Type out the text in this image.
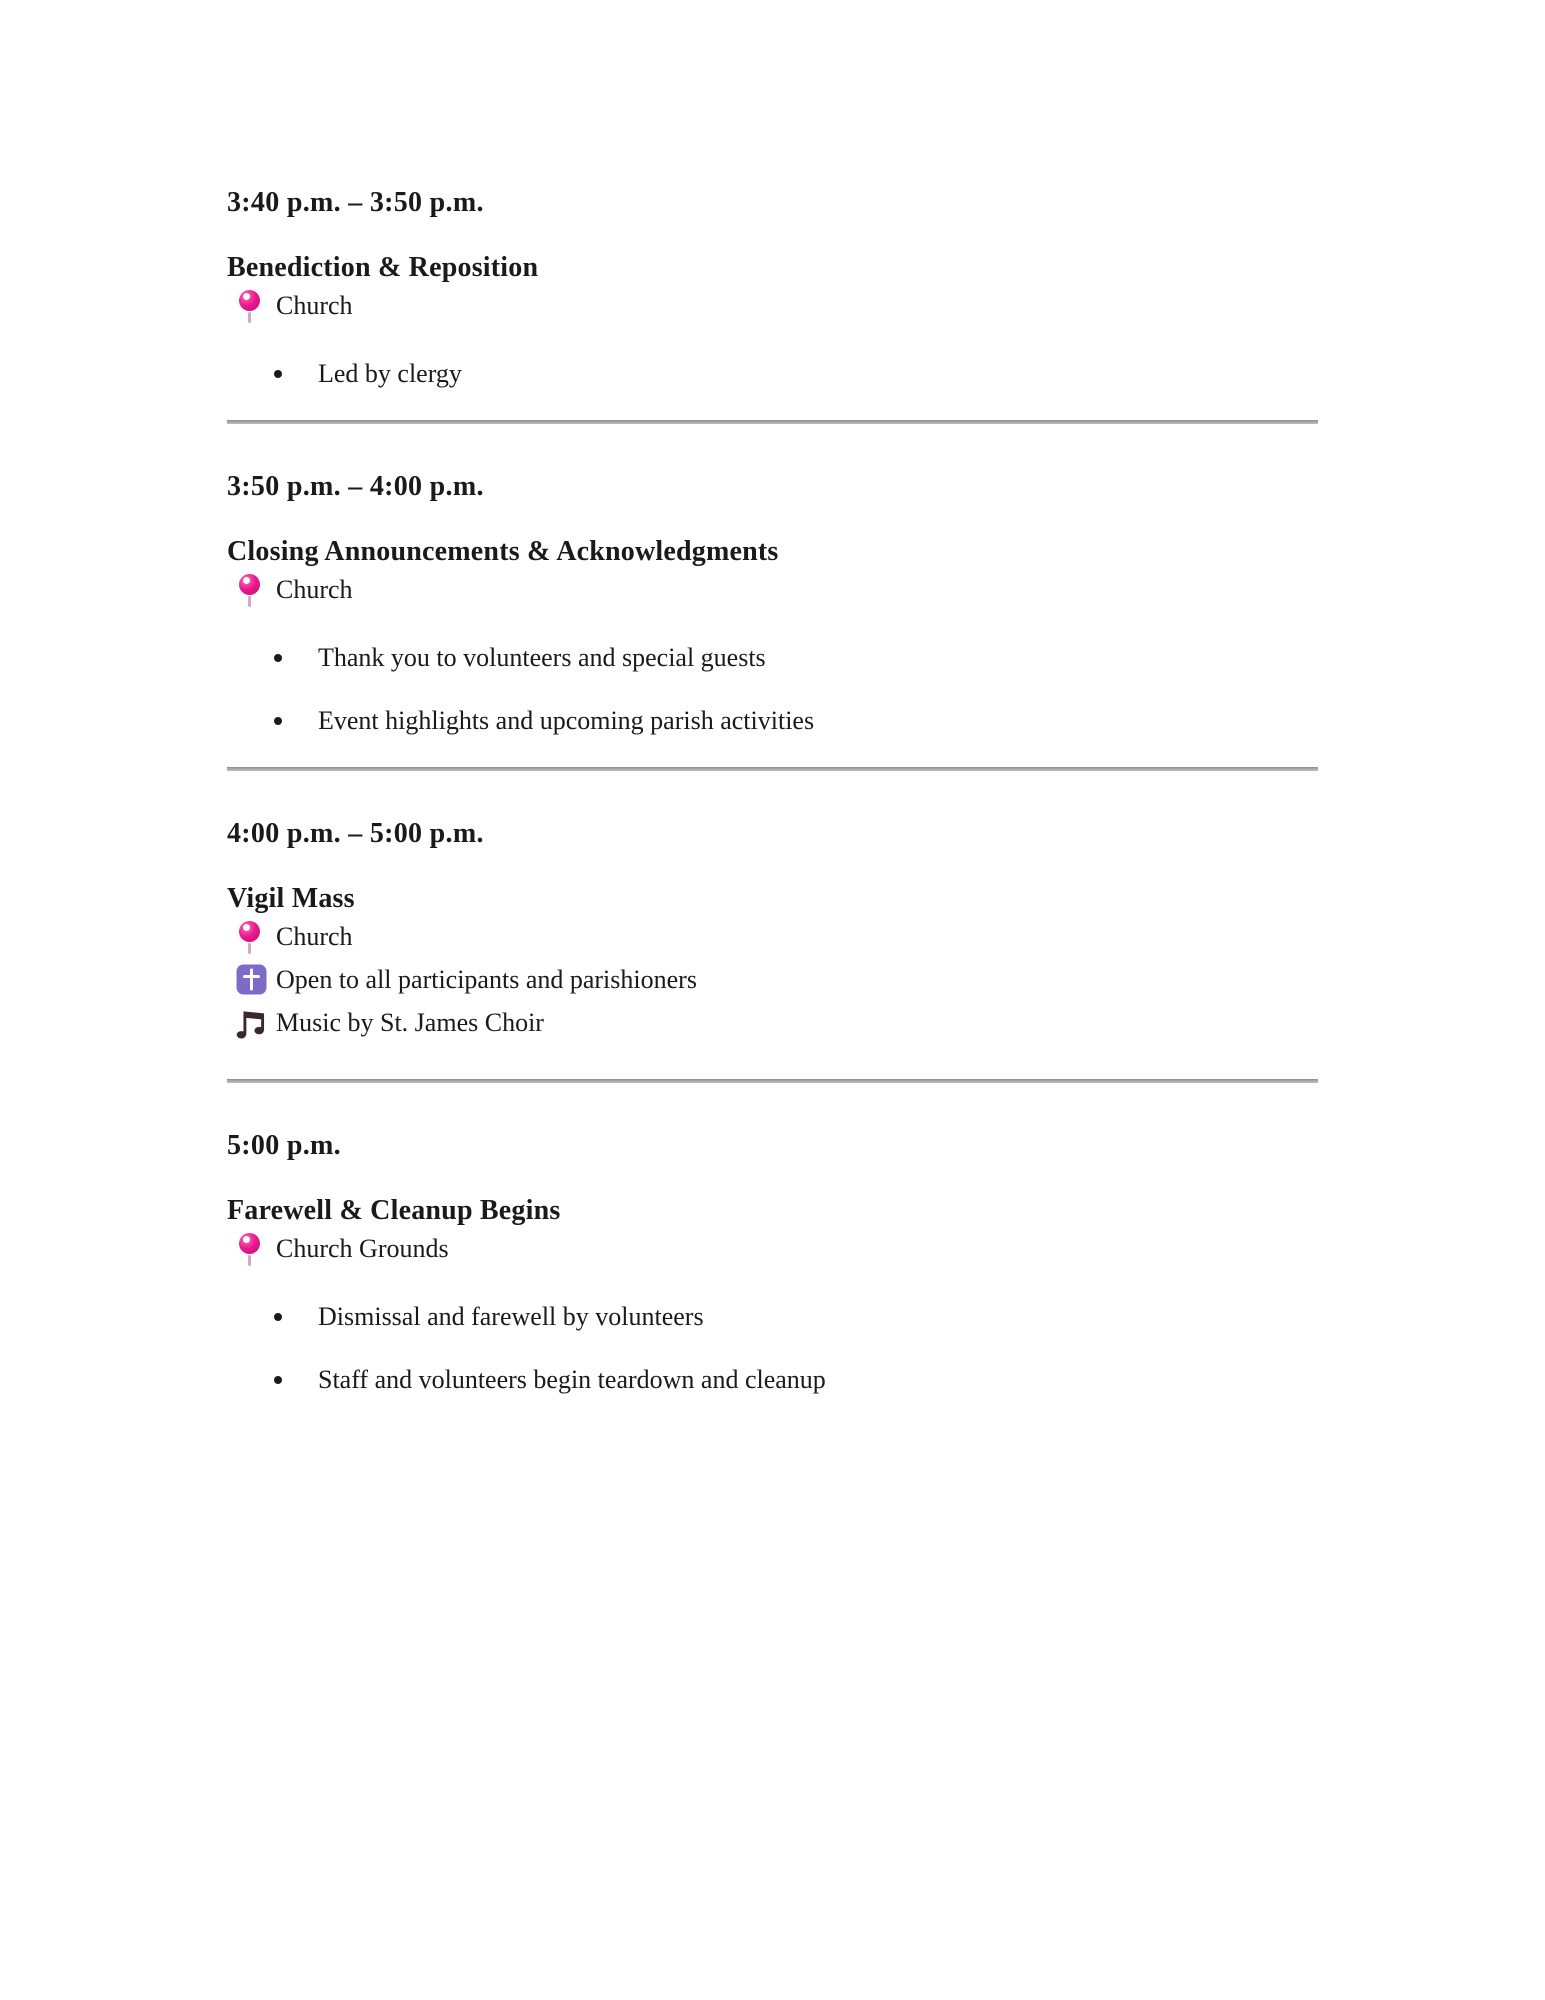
3:40 p.m. – 3:50 p.m.
Benediction & Reposition
Church
Led by clergy
3:50 p.m. – 4:00 p.m.
Closing Announcements & Acknowledgments
Church
Thank you to volunteers and special guests
Event highlights and upcoming parish activities
4:00 p.m. – 5:00 p.m.
Vigil Mass
Church
Open to all participants and parishioners
Music by St. James Choir
5:00 p.m.
Farewell & Cleanup Begins
Church Grounds
Dismissal and farewell by volunteers
Staff and volunteers begin teardown and cleanup
